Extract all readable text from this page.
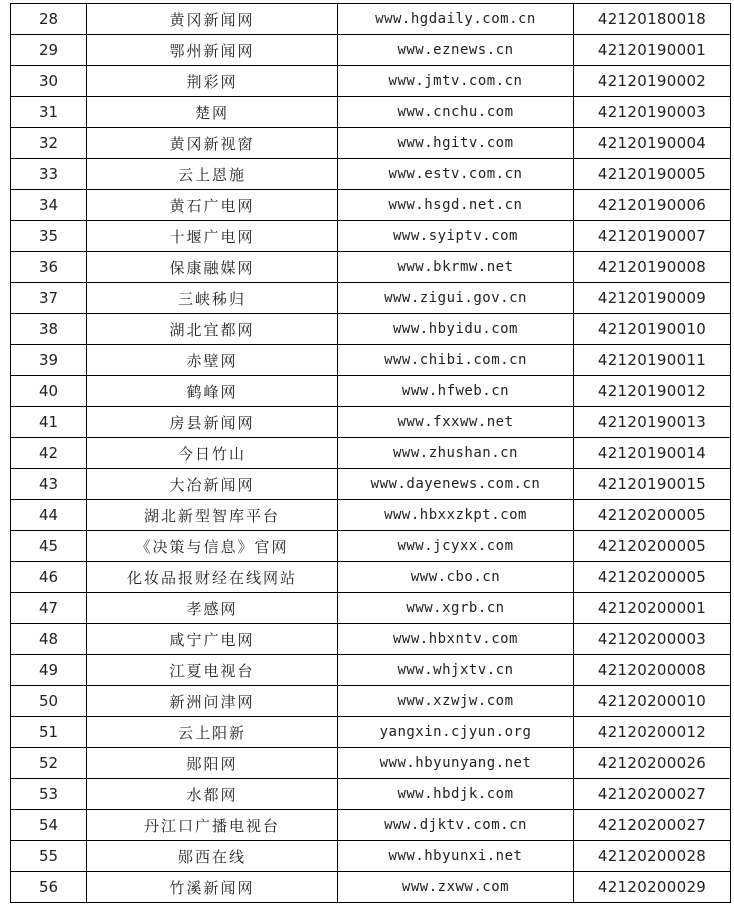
28	黄冈新闻网	www.hgdaily.com.cn	42120180018
29	鄂州新闻网	www.eznews.cn	42120190001
30	荆彩网	www.jmtv.com.cn	42120190002
31	楚网	www.cnchu.com	42120190003
32	黄冈新视窗	www.hgitv.com	42120190004
33	云上恩施	www.estv.com.cn	42120190005
34	黄石广电网	www.hsgd.net.cn	42120190006
35	十堰广电网	www.syiptv.com	42120190007
36	保康融媒网	www.bkrmw.net	42120190008
37	三峡秭归	www.zigui.gov.cn	42120190009
38	湖北宜都网	www.hbyidu.com	42120190010
39	赤壁网	www.chibi.com.cn	42120190011
40	鹤峰网	www.hfweb.cn	42120190012
41	房县新闻网	www.fxxww.net	42120190013
42	今日竹山	www.zhushan.cn	42120190014
43	大冶新闻网	www.dayenews.com.cn	42120190015
44	湖北新型智库平台	www.hbxxzkpt.com	42120200005
45	《决策与信息》官网	www.jcyxx.com	42120200005
46	化妆品报财经在线网站	www.cbo.cn	42120200005
47	孝感网	www.xgrb.cn	42120200001
48	咸宁广电网	www.hbxntv.com	42120200003
49	江夏电视台	www.whjxtv.cn	42120200008
50	新洲问津网	www.xzwjw.com	42120200010
51	云上阳新	yangxin.cjyun.org	42120200012
52	郧阳网	www.hbyunyang.net	42120200026
53	水都网	www.hbdjk.com	42120200027
54	丹江口广播电视台	www.djktv.com.cn	42120200027
55	郧西在线	www.hbyunxi.net	42120200028
56	竹溪新闻网	www.zxww.com	42120200029
